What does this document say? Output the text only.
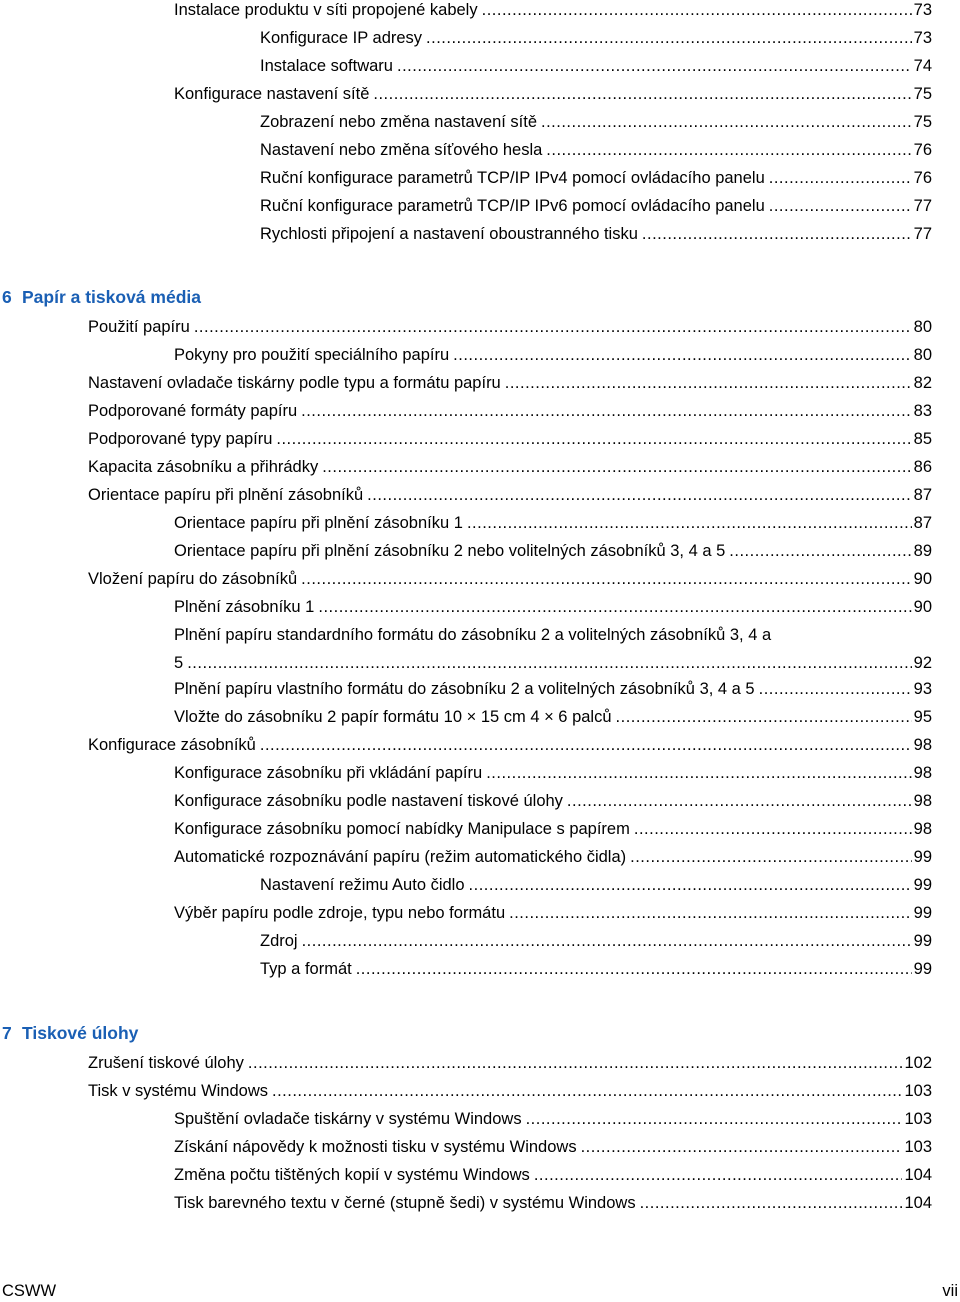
Instalace produktu v síti propojené kabely .....	73
Konfigurace IP adresy .....	73
Instalace softwaru .....	74
Konfigurace nastavení sítě .....	75
Zobrazení nebo změna nastavení sítě .....	75
Nastavení nebo změna síťového hesla .....	76
Ruční konfigurace parametrů TCP/IP IPv4 pomocí ovládacího panelu .....	76
Ruční konfigurace parametrů TCP/IP IPv6 pomocí ovládacího panelu .....	77
Rychlosti připojení a nastavení oboustranného tisku .....	77
6 Papír a tisková média
Použití papíru .....	80
Pokyny pro použití speciálního papíru .....	80
Nastavení ovladače tiskárny podle typu a formátu papíru .....	82
Podporované formáty papíru .....	83
Podporované typy papíru .....	85
Kapacita zásobníku a přihrádky .....	86
Orientace papíru při plnění zásobníků .....	87
Orientace papíru při plnění zásobníku 1 .....	87
Orientace papíru při plnění zásobníku 2 nebo volitelných zásobníků 3, 4 a 5 .....	89
Vložení papíru do zásobníků .....	90
Plnění zásobníku 1 .....	90
Plnění papíru standardního formátu do zásobníku 2 a volitelných zásobníků 3, 4 a
5 .....	92
Plnění papíru vlastního formátu do zásobníku 2 a volitelných zásobníků 3, 4 a 5 .....	93
Vložte do zásobníku 2 papír formátu 10 × 15 cm 4 × 6 palců .....	95
Konfigurace zásobníků .....	98
Konfigurace zásobníku při vkládání papíru .....	98
Konfigurace zásobníku podle nastavení tiskové úlohy .....	98
Konfigurace zásobníku pomocí nabídky Manipulace s papírem .....	98
Automatické rozpoznávání papíru (režim automatického čidla) .....	99
Nastavení režimu Auto čidlo .....	99
Výběr papíru podle zdroje, typu nebo formátu .....	99
Zdroj .....	99
Typ a formát .....	99
7 Tiskové úlohy
Zrušení tiskové úlohy .....	102
Tisk v systému Windows .....	103
Spuštění ovladače tiskárny v systému Windows .....	103
Získání nápovědy k možnosti tisku v systému Windows .....	103
Změna počtu tištěných kopií v systému Windows .....	104
Tisk barevného textu v černé (stupně šedi) v systému Windows .....	104
CSWW	vii
